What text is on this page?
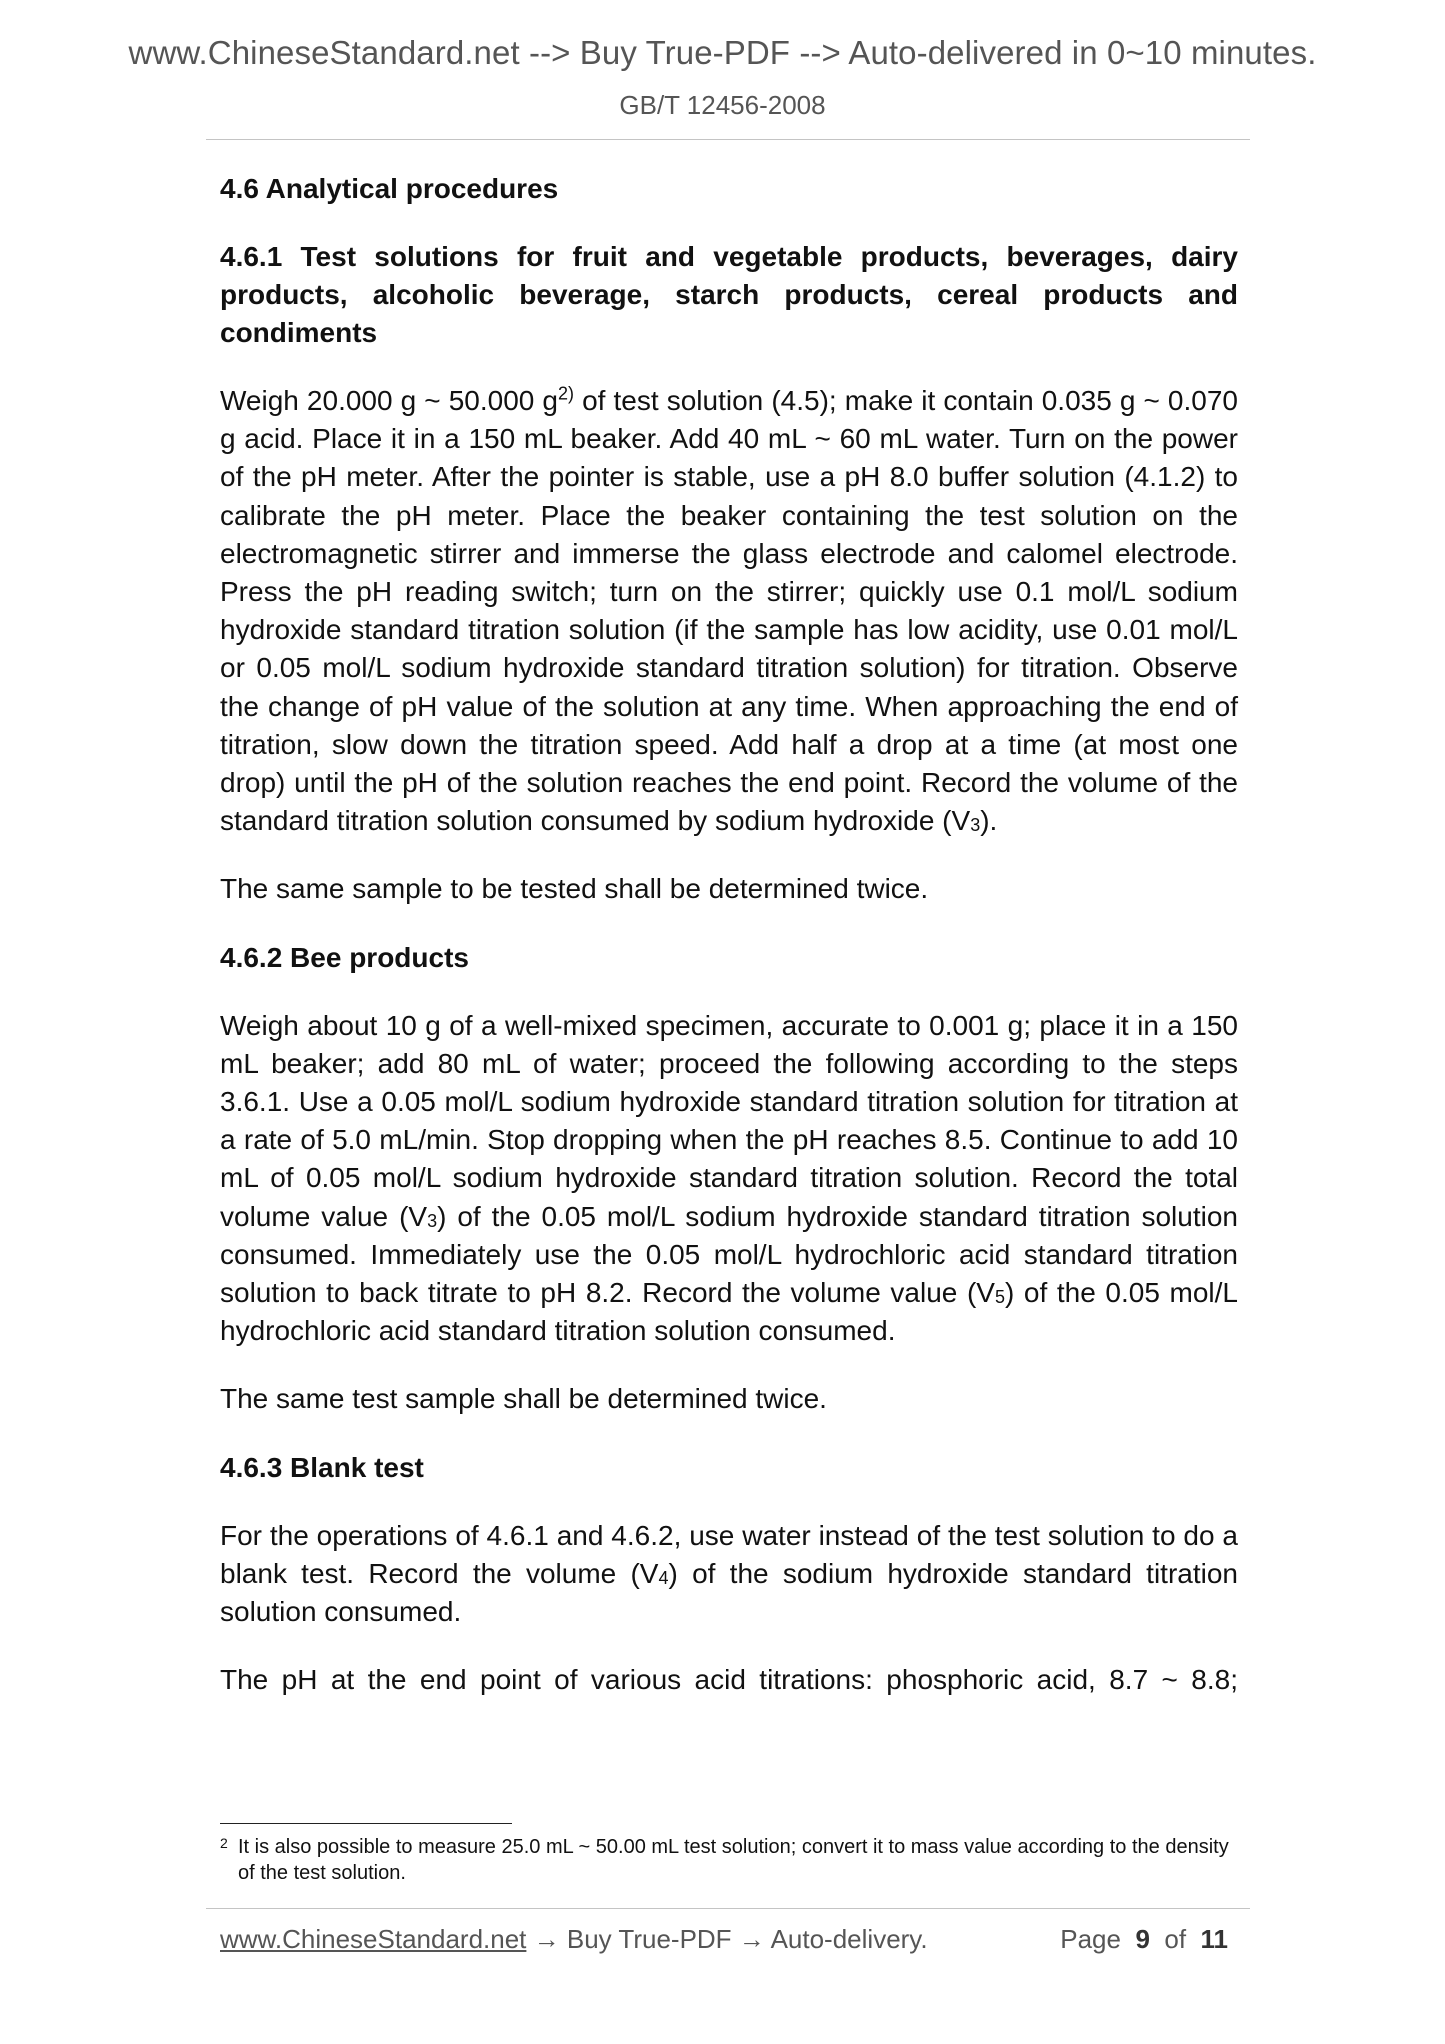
www.ChineseStandard.net --> Buy True-PDF --> Auto-delivered in 0~10 minutes.
GB/T 12456-2008
4.6 Analytical procedures
4.6.1 Test solutions for fruit and vegetable products, beverages, dairy products, alcoholic beverage, starch products, cereal products and condiments
Weigh 20.000 g ~ 50.000 $g^{2)}$ of test solution (4.5); make it contain 0.035 g ~ 0.070 g acid. Place it in a 150 mL beaker. Add 40 mL ~ 60 mL water. Turn on the power of the pH meter. After the pointer is stable, use a pH 8.0 buffer solution (4.1.2) to calibrate the pH meter. Place the beaker containing the test solution on the electromagnetic stirrer and immerse the glass electrode and calomel electrode. Press the pH reading switch; turn on the stirrer; quickly use 0.1 mol/L sodium hydroxide standard titration solution (if the sample has low acidity, use 0.01 mol/L or 0.05 mol/L sodium hydroxide standard titration solution) for titration. Observe the change of pH value of the solution at any time. When approaching the end of titration, slow down the titration speed. Add half a drop at a time (at most one drop) until the pH of the solution reaches the end point. Record the volume of the standard titration solution consumed by sodium hydroxide $(V_3)$.
The same sample to be tested shall be determined twice.
4.6.2 Bee products
Weigh about 10 g of a well-mixed specimen, accurate to 0.001 g; place it in a 150 mL beaker; add 80 mL of water; proceed the following according to the steps 3.6.1. Use a 0.05 mol/L sodium hydroxide standard titration solution for titration at a rate of 5.0 mL/min. Stop dropping when the pH reaches 8.5. Continue to add 10 mL of 0.05 mol/L sodium hydroxide standard titration solution. Record the total volume value $(V_3)$ of the 0.05 mol/L sodium hydroxide standard titration solution consumed. Immediately use the 0.05 mol/L hydrochloric acid standard titration solution to back titrate to pH 8.2. Record the volume value $(V_5)$ of the 0.05 mol/L hydrochloric acid standard titration solution consumed.
The same test sample shall be determined twice.
4.6.3 Blank test
For the operations of 4.6.1 and 4.6.2, use water instead of the test solution to do a blank test. Record the volume $(V_4)$ of the sodium hydroxide standard titration solution consumed.
The pH at the end point of various acid titrations: phosphoric acid, 8.7 ~ 8.8;
2 It is also possible to measure 25.0 mL ~ 50.00 mL test solution; convert it to mass value according to the density of the test solution.
www.ChineseStandard.net → Buy True-PDF → Auto-delivery.	Page 9 of 11
